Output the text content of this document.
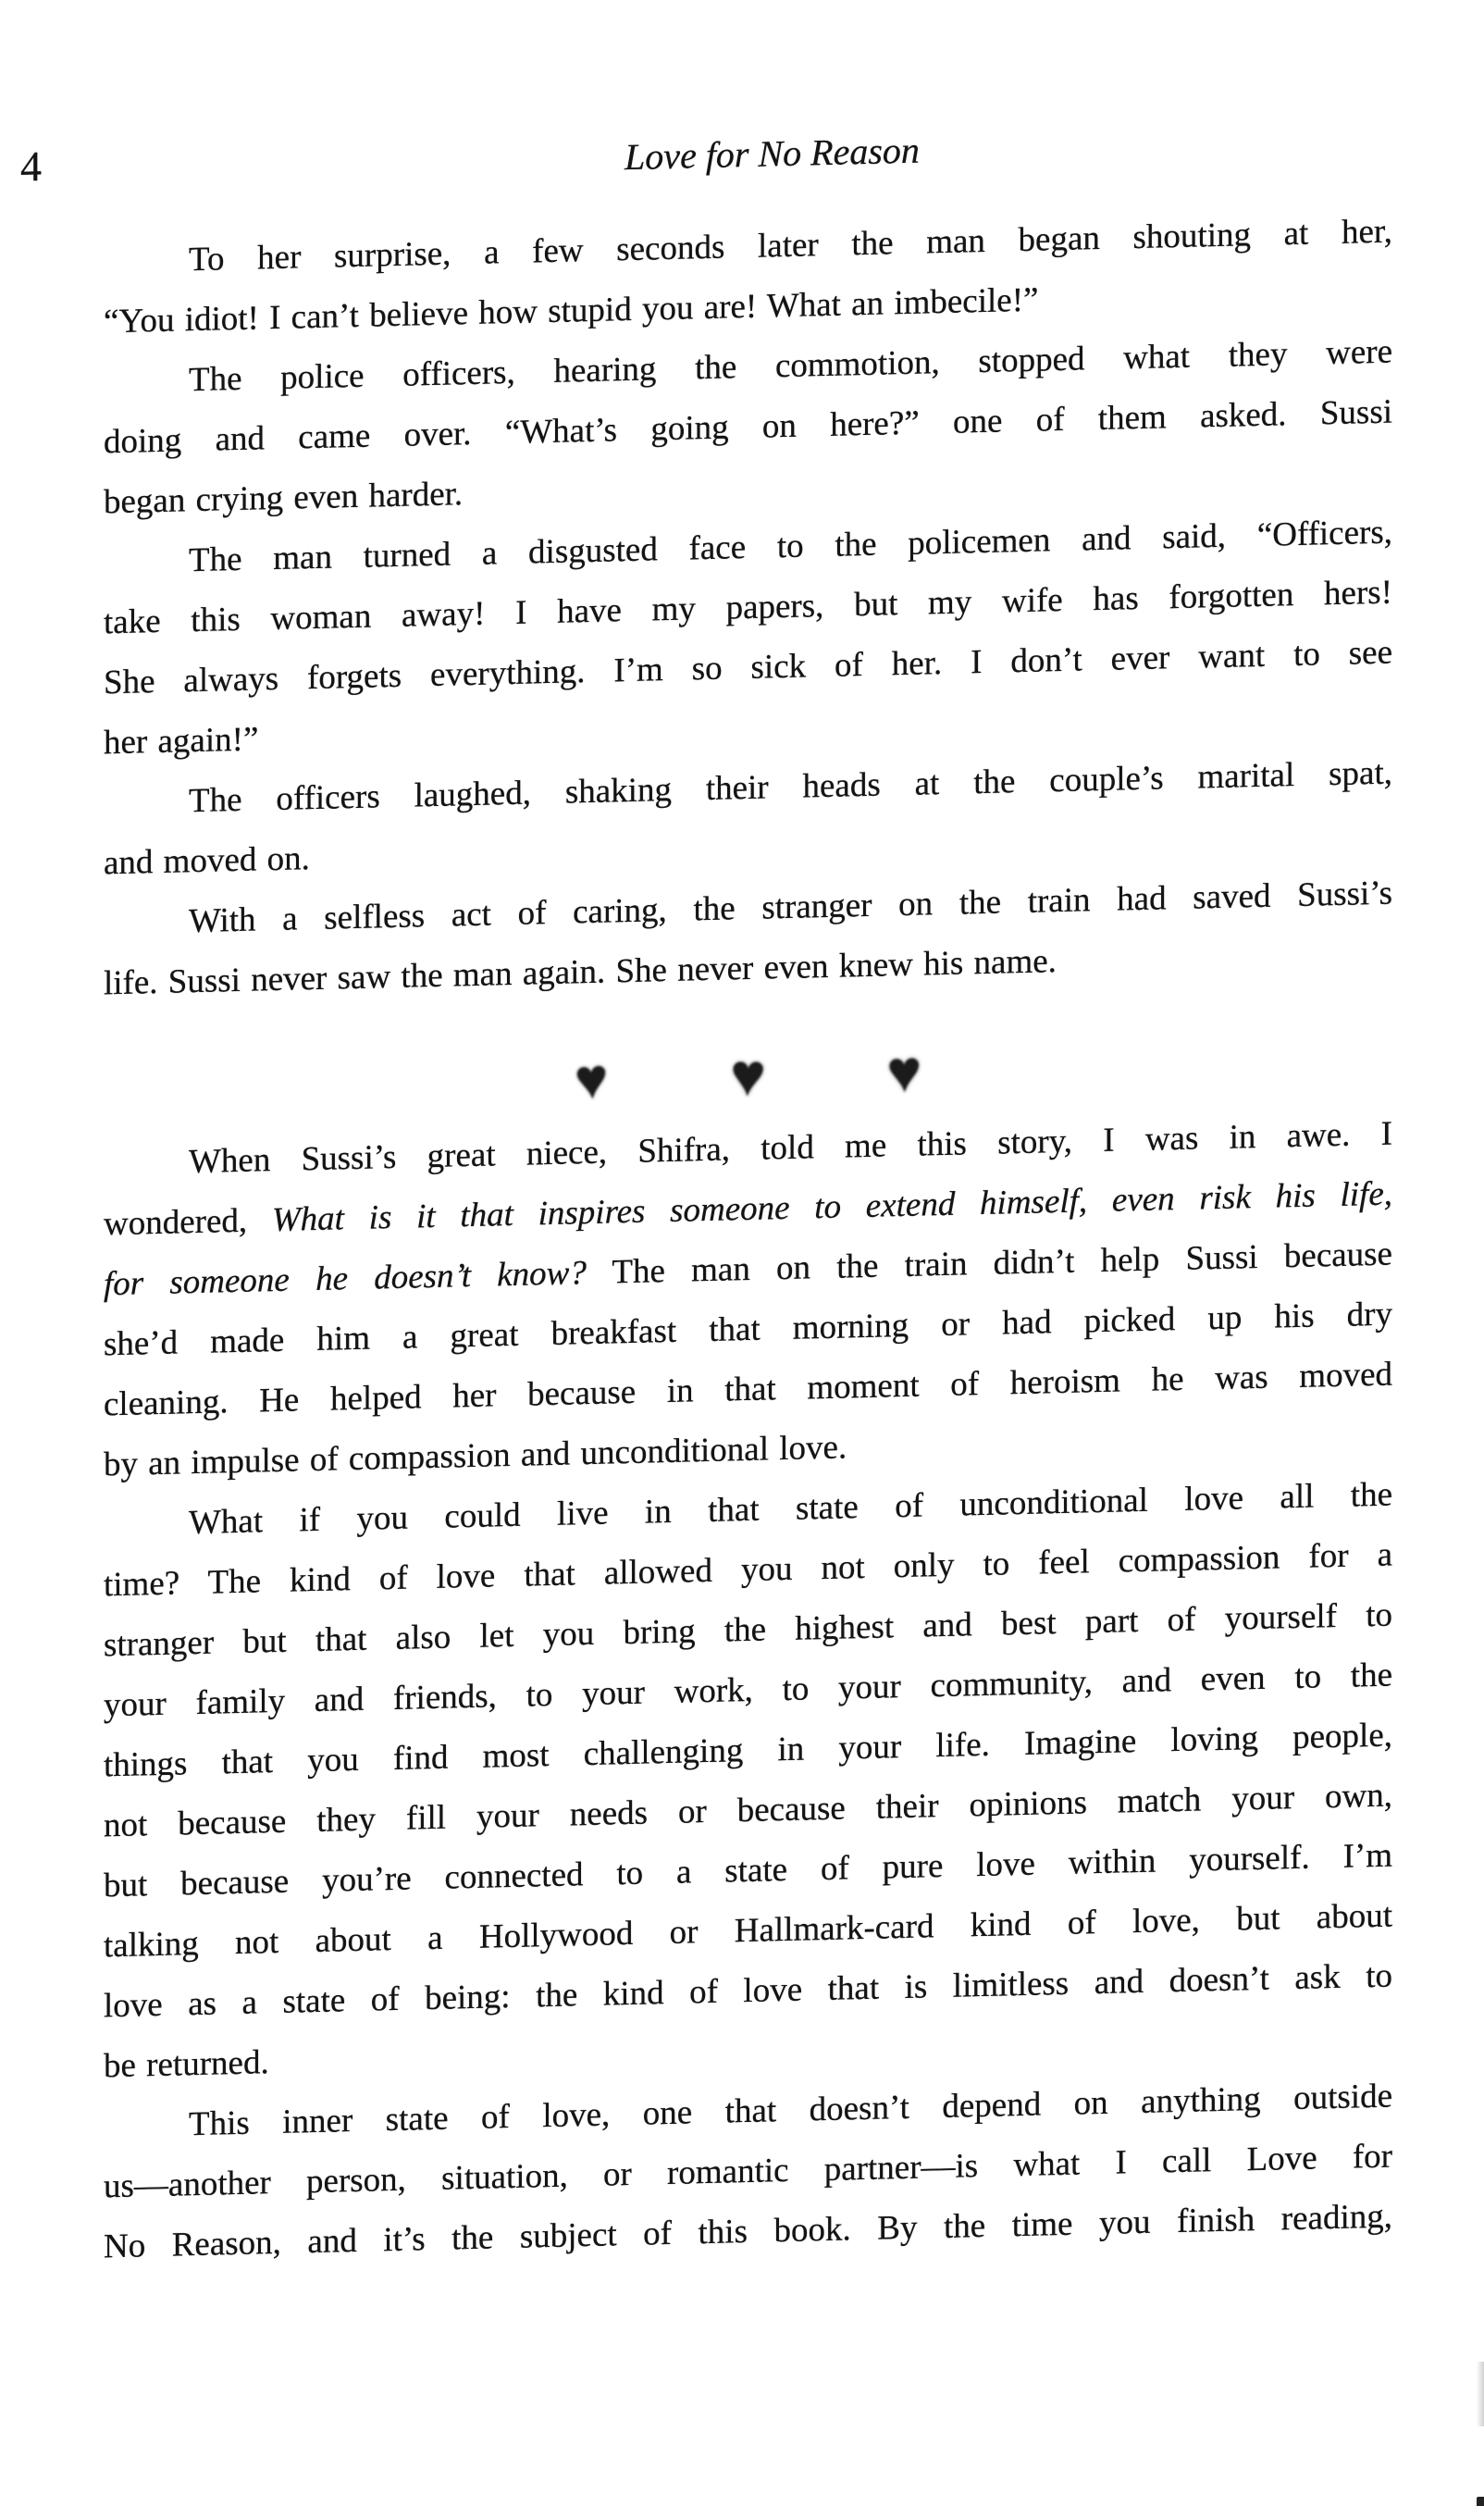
4	Love for No Reason
To her surprise, a few seconds later the man began shouting at her,
“You idiot! I can’t believe how stupid you are! What an imbecile!”
The police officers, hearing the commotion, stopped what they were
doing and came over. “What’s going on here?” one of them asked. Sussi
began crying even harder.
The man turned a disgusted face to the policemen and said, “Officers,
take this woman away! I have my papers, but my wife has forgotten hers!
She always forgets everything. I’m so sick of her. I don’t ever want to see
her again!”
The officers laughed, shaking their heads at the couple’s marital spat,
and moved on.
With a selfless act of caring, the stranger on the train had saved Sussi’s
life. Sussi never saw the man again. She never even knew his name.
♥ ♥ ♥
When Sussi’s great niece, Shifra, told me this story, I was in awe. I
wondered, What is it that inspires someone to extend himself, even risk his life,
for someone he doesn’t know? The man on the train didn’t help Sussi because
she’d made him a great breakfast that morning or had picked up his dry
cleaning. He helped her because in that moment of heroism he was moved
by an impulse of compassion and unconditional love.
What if you could live in that state of unconditional love all the
time? The kind of love that allowed you not only to feel compassion for a
stranger but that also let you bring the highest and best part of yourself to
your family and friends, to your work, to your community, and even to the
things that you find most challenging in your life. Imagine loving people,
not because they fill your needs or because their opinions match your own,
but because you’re connected to a state of pure love within yourself. I’m
talking not about a Hollywood or Hallmark-card kind of love, but about
love as a state of being: the kind of love that is limitless and doesn’t ask to
be returned.
This inner state of love, one that doesn’t depend on anything outside
us—another person, situation, or romantic partner—is what I call Love for
No Reason, and it’s the subject of this book. By the time you finish reading,
